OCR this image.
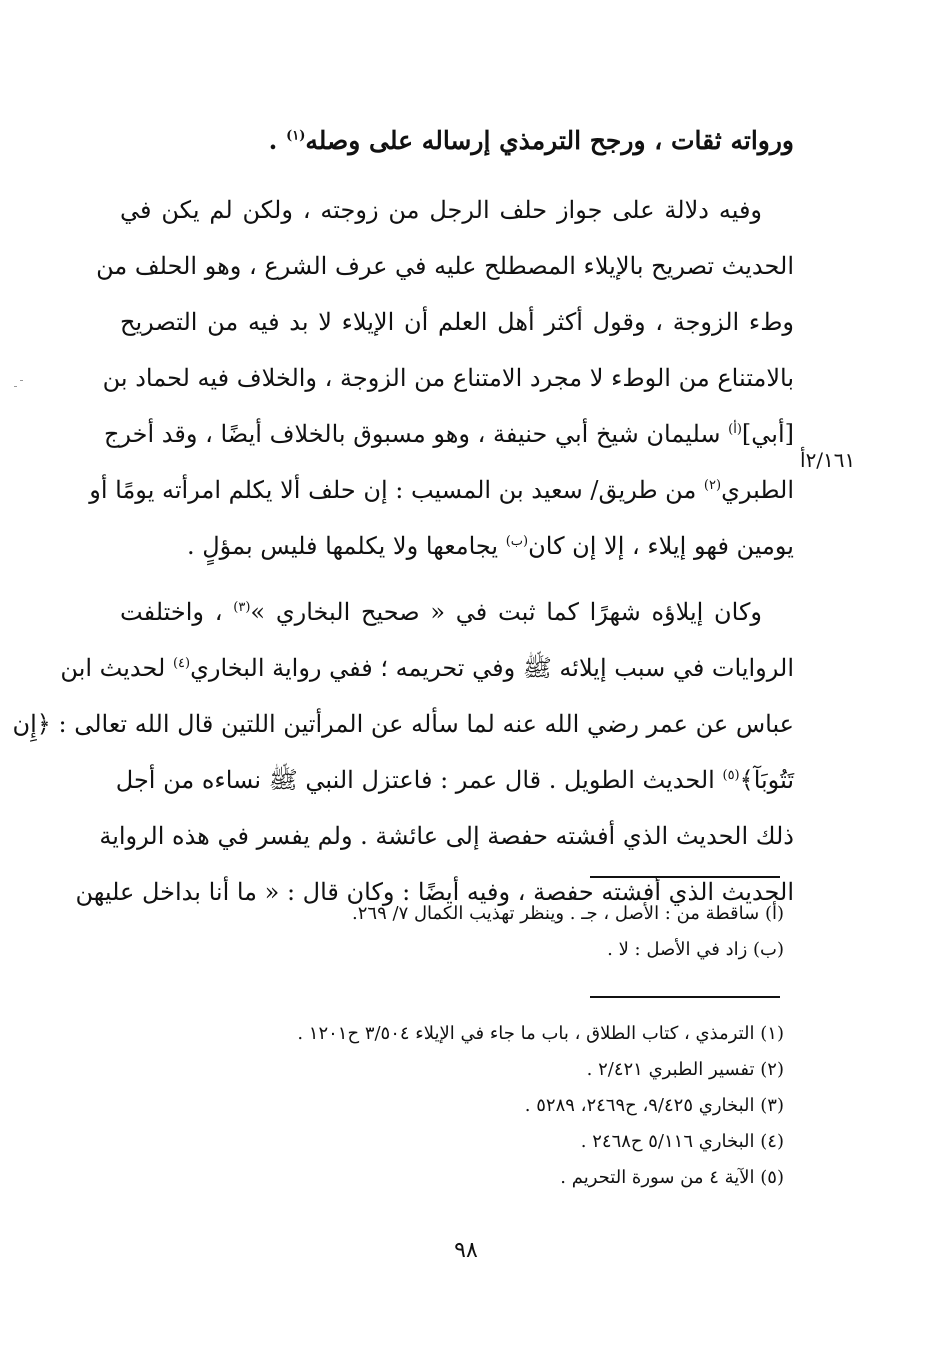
ورواته ثقات ، ورجح الترمذي إرساله على وصله$^{(١)}$ .
وفيه دلالة على جواز حلف الرجل من زوجته ، ولكن لم يكن في
الحديث تصريح بالإيلاء المصطلح عليه في عرف الشرع ، وهو الحلف من
وطء الزوجة ، وقول أكثر أهل العلم أن الإيلاء لا بد فيه من التصريح
بالامتناع من الوطء لا مجرد الامتناع من الزوجة ، والخلاف فيه لحماد بن
[أبي]$^{(أ)}$ سليمان شيخ أبي حنيفة ، وهو مسبوق بالخلاف أيضًا ، وقد أخرج
الطبري$^{(٢)}$ من طريق/ سعيد بن المسيب : إن حلف ألا يكلم امرأته يومًا أو
يومين فهو إيلاء ، إلا إن كان$^{(ب)}$ يجامعها ولا يكلمها فليس بمؤلٍ .
وكان إيلاؤه شهرًا كما ثبت في « صحيح البخاري »$^{(٣)}$ ، واختلفت
الروايات في سبب إيلائه ﷺ وفي تحريمه ؛ ففي رواية البخاري$^{(٤)}$ لحديث ابن
عباس عن عمر رضي الله عنه لما سأله عن المرأتين اللتين قال الله تعالى : ﴿إِن
تَتُوبَآ﴾$^{(٥)}$ الحديث الطويل . قال عمر : فاعتزل النبي ﷺ نساءه من أجل
ذلك الحديث الذي أفشته حفصة إلى عائشة . ولم يفسر في هذه الرواية
الحديث الذي أفشته حفصة ، وفيه أيضًا : وكان قال : « ما أنا بداخل عليهن
٢/١٦١أ
(أ) ساقطة من : الأصل ، جـ . وينظر تهذيب الكمال ٧/ ٢٦٩.
(ب) زاد في الأصل : لا .
(١) الترمذي ، كتاب الطلاق ، باب ما جاء في الإيلاء ٣/٥٠٤ ح١٢٠١ .
(٢) تفسير الطبري ٢/٤٢١ .
(٣) البخاري ٩/٤٢٥، ح٢٤٦٩، ٥٢٨٩ .
(٤) البخاري ٥/١١٦ ح٢٤٦٨ .
(٥) الآية ٤ من سورة التحريم .
٩٨
